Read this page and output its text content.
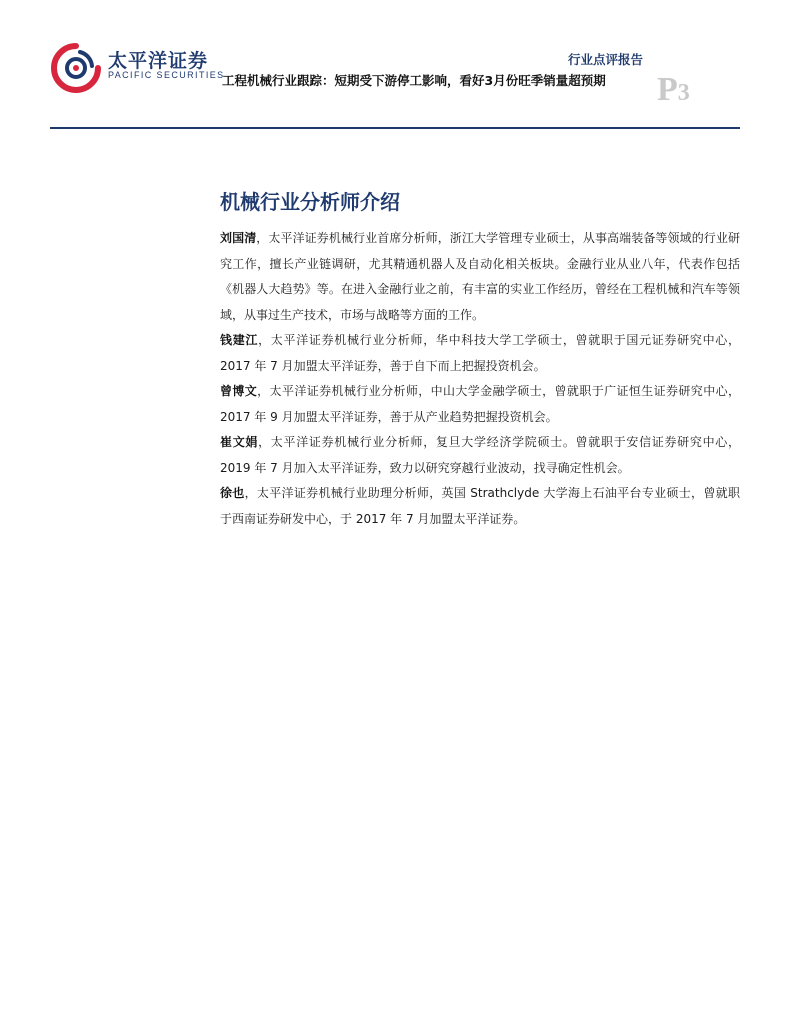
太平洋证券
PACIFIC SECURITIES
行业点评报告
工程机械行业跟踪：短期受下游停工影响，看好3月份旺季销量超预期 P3
机械行业分析师介绍

刘国清，太平洋证券机械行业首席分析师，浙江大学管理专业硕士，从事高端装备等领域的行业研究工作，擅长产业链调研，尤其精通机器人及自动化相关板块。金融行业从业八年，代表作包括《机器人大趋势》等。在进入金融行业之前，有丰富的实业工作经历，曾经在工程机械和汽车等领域，从事过生产技术，市场与战略等方面的工作。

钱建江，太平洋证券机械行业分析师，华中科技大学工学硕士，曾就职于国元证券研究中心，2017 年 7 月加盟太平洋证券，善于自下而上把握投资机会。

曾博文，太平洋证券机械行业分析师，中山大学金融学硕士，曾就职于广证恒生证券研究中心，2017 年 9 月加盟太平洋证券，善于从产业趋势把握投资机会。

崔文娟，太平洋证券机械行业分析师，复旦大学经济学院硕士。曾就职于安信证券研究中心，2019 年 7 月加入太平洋证券，致力以研究穿越行业波动，找寻确定性机会。

徐也，太平洋证券机械行业助理分析师，英国 Strathclyde 大学海上石油平台专业硕士，曾就职于西南证券研发中心，于 2017 年 7 月加盟太平洋证券。
